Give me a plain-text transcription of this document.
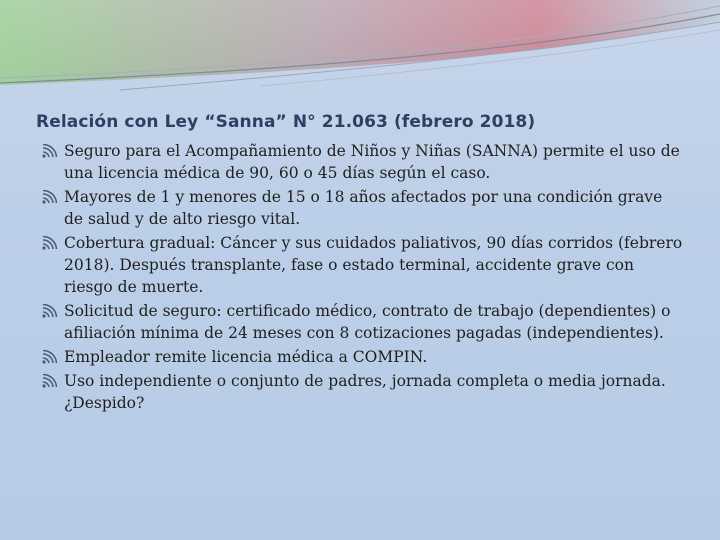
Relación con Ley “Sanna” N° 21.063 (febrero 2018)
Seguro para el Acompañamiento de Niños y Niñas (SANNA) permite el uso de una licencia médica de 90, 60 o 45 días según el caso.
Mayores de 1 y menores de 15 o 18 años afectados por una condición grave de salud y de alto riesgo vital.
Cobertura gradual: Cáncer y sus cuidados paliativos, 90 días corridos (febrero 2018). Después transplante, fase o estado terminal, accidente grave con riesgo de muerte.
Solicitud de seguro: certificado médico, contrato de trabajo (dependientes) o afiliación mínima de 24 meses con 8 cotizaciones pagadas (independientes).
Empleador remite licencia médica a COMPIN.
Uso independiente o conjunto de padres, jornada completa o media jornada. ¿Despido?
